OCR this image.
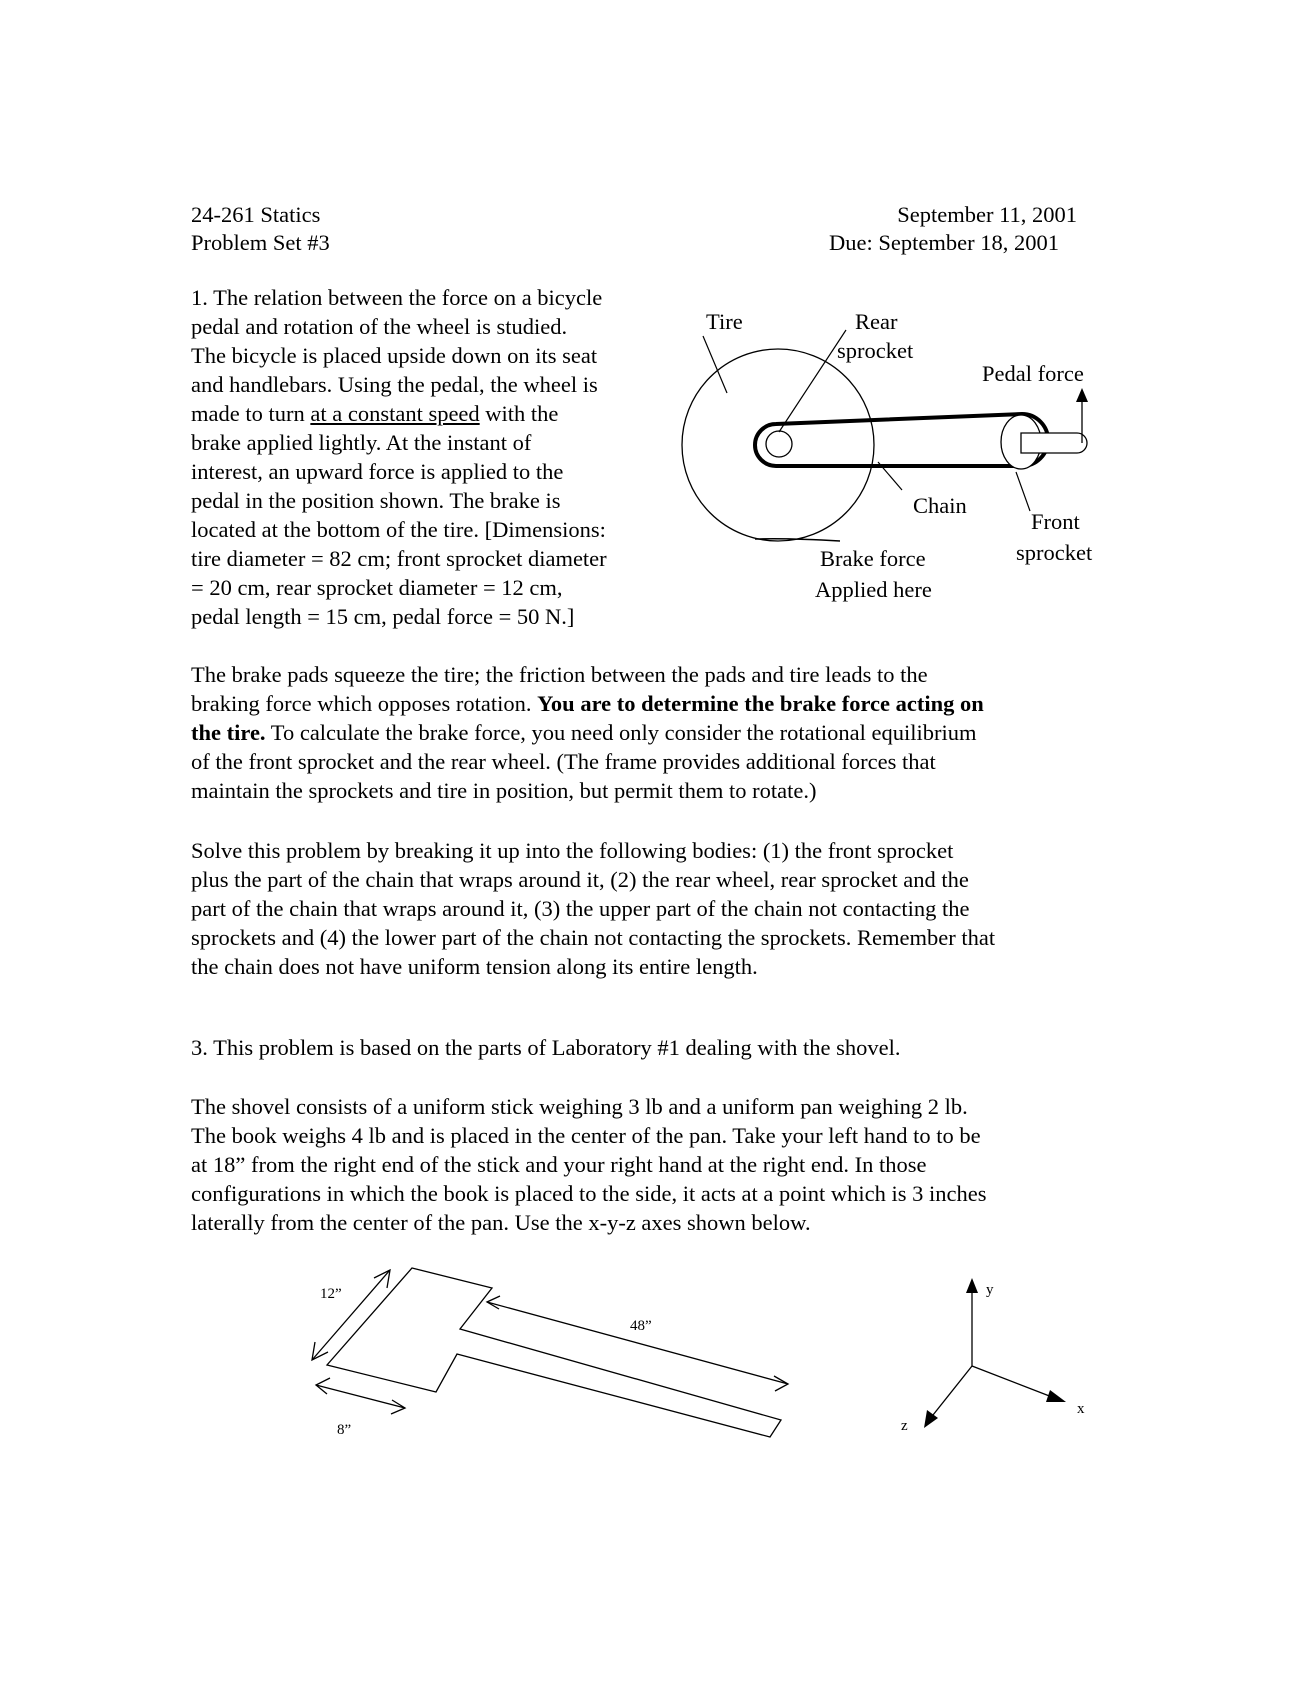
24-261 Statics
Problem Set #3
September 11, 2001
Due: September 18, 2001
1. The relation between the force on a bicycle
pedal and rotation of the wheel is studied.
The bicycle is placed upside down on its seat
and handlebars. Using the pedal, the wheel is
made to turn at a constant speed with the
brake applied lightly. At the instant of
interest, an upward force is applied to the
pedal in the position shown. The brake is
located at the bottom of the tire. [Dimensions:
tire diameter = 82 cm; front sprocket diameter
= 20 cm, rear sprocket diameter = 12 cm,
pedal length = 15 cm, pedal force = 50 N.]
Tire	Rear
sprocket
Pedal force
Chain
Front
sprocket
Brake force
Applied here
The brake pads squeeze the tire; the friction between the pads and tire leads to the
braking force which opposes rotation. You are to determine the brake force acting on
the tire. To calculate the brake force, you need only consider the rotational equilibrium
of the front sprocket and the rear wheel. (The frame provides additional forces that
maintain the sprockets and tire in position, but permit them to rotate.)
Solve this problem by breaking it up into the following bodies: (1) the front sprocket
plus the part of the chain that wraps around it, (2) the rear wheel, rear sprocket and the
part of the chain that wraps around it, (3) the upper part of the chain not contacting the
sprockets and (4) the lower part of the chain not contacting the sprockets. Remember that
the chain does not have uniform tension along its entire length.
3. This problem is based on the parts of Laboratory #1 dealing with the shovel.
The shovel consists of a uniform stick weighing 3 lb and a uniform pan weighing 2 lb.
The book weighs 4 lb and is placed in the center of the pan. Take your left hand to to be
at 18” from the right end of the stick and your right hand at the right end. In those
configurations in which the book is placed to the side, it acts at a point which is 3 inches
laterally from the center of the pan. Use the x-y-z axes shown below.
12”
48”
8”
y
x
z
